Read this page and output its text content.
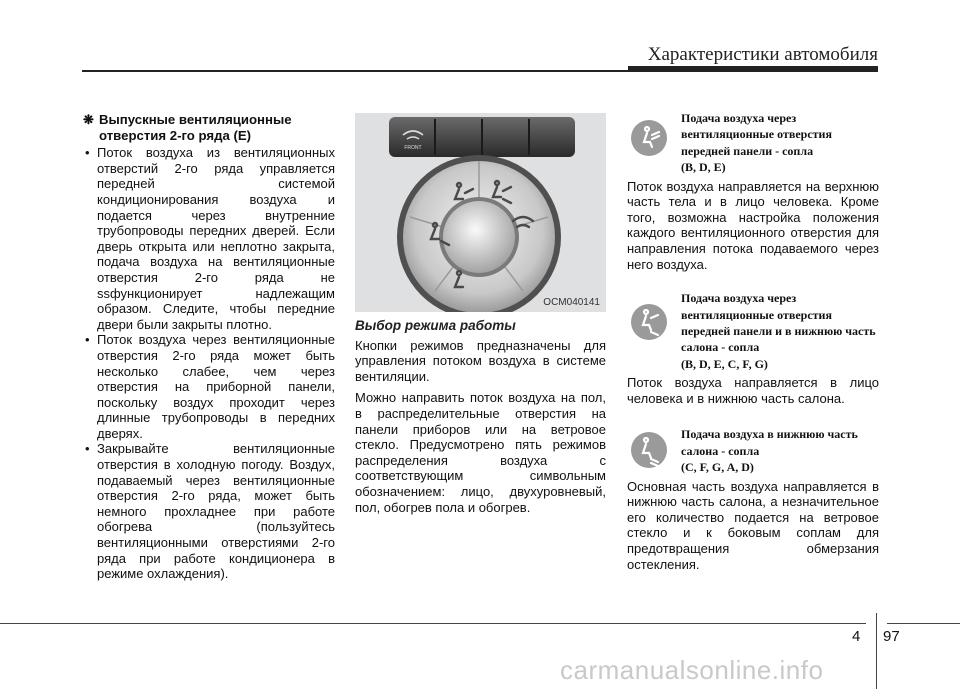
Характеристики автомобиля
❋ Выпускные вентиляционные отверстия 2-го ряда (E)
• Поток воздуха из вентиляционных отверстий 2-го ряда управляется передней системой кондиционирования воздуха и подается через внутренние трубопроводы передних дверей. Если дверь открыта или неплотно закрыта, подача воздуха на вентиляционные отверстия 2-го ряда не ssфункционирует надлежащим образом. Следите, чтобы передние двери были закрыты плотно.
• Поток воздуха через вентиляционные отверстия 2-го ряда может быть несколько слабее, чем через отверстия на приборной панели, поскольку воздух проходит через длинные трубопроводы в передних дверях.
• Закрывайте вентиляционные отверстия в холодную погоду. Воздух, подаваемый через вентиляционные отверстия 2-го ряда, может быть немного прохладнее при работе обогрева (пользуйтесь вентиляционными отверстиями 2-го ряда при работе кондиционера в режиме охлаждения).
FRONT
OCM040141
Выбор режима работы

Кнопки режимов предназначены для управления потоком воздуха в системе вентиляции.

Можно направить поток воздуха на пол, в распределительные отверстия на панели приборов или на ветровое стекло. Предусмотрено пять режимов распределения воздуха с соответствующим символьным обозначением: лицо, двухуровневый, пол, обогрев пола и обогрев.

Подача воздуха через вентиляционные отверстия передней панели - сопла
(B, D, E)
Поток воздуха направляется на верхнюю часть тела и в лицо человека. Кроме того, возможна настройка положения каждого вентиляционного отверстия для направления потока подаваемого через него воздуха.
Подача воздуха через вентиляционные отверстия передней панели и в нижнюю часть салона - сопла
(B, D, E, C, F, G)
Поток воздуха направляется в лицо человека и в нижнюю часть салона.
Подача воздуха в нижнюю часть салона - сопла
(C, F, G, A, D)
Основная часть воздуха направляется в нижнюю часть салона, а незначительное его количество подается на ветровое стекло и к боковым соплам для предотвращения обмерзания остекления.
4 97
carmanualsonline.info
